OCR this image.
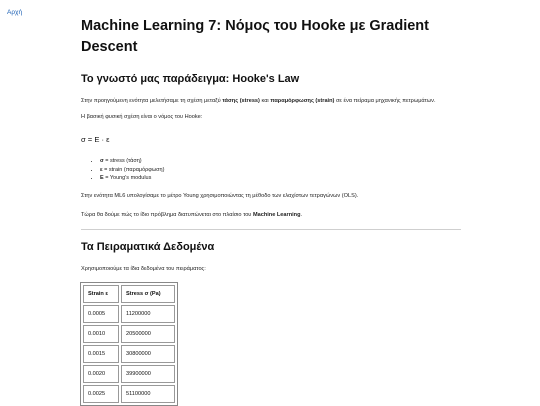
Αρχή
Machine Learning 7: Νόμος του Hooke με Gradient Descent
Το γνωστό μας παράδειγμα: Hooke's Law

Στην προηγούμενη ενότητα μελετήσαμε τη σχέση μεταξύ τάσης (stress) και παραμόρφωσης (strain) σε ένα πείραμα μηχανικής πετρωμάτων.

Η βασική φυσική σχέση είναι ο νόμος του Hooke:

σ = E · ε
• σ = stress (τάση)
• ε = strain (παραμόρφωση)
• E = Young's modulus

Στην ενότητα ML6 υπολογίσαμε το μέτρο Young χρησιμοποιώντας τη μέθοδο των ελαχίστων τετραγώνων (OLS).

Τώρα θα δούμε πώς το ίδιο πρόβλημα διατυπώνεται στο πλαίσιο του Machine Learning.

Τα Πειραματικά Δεδομένα

Χρησιμοποιούμε τα ίδια δεδομένα του πειράματος:

Strain ε	Stress σ (Pa)
0.0005	11200000
0.0010	20500000
0.0015	30800000
0.0020	39900000
0.0025	51100000
